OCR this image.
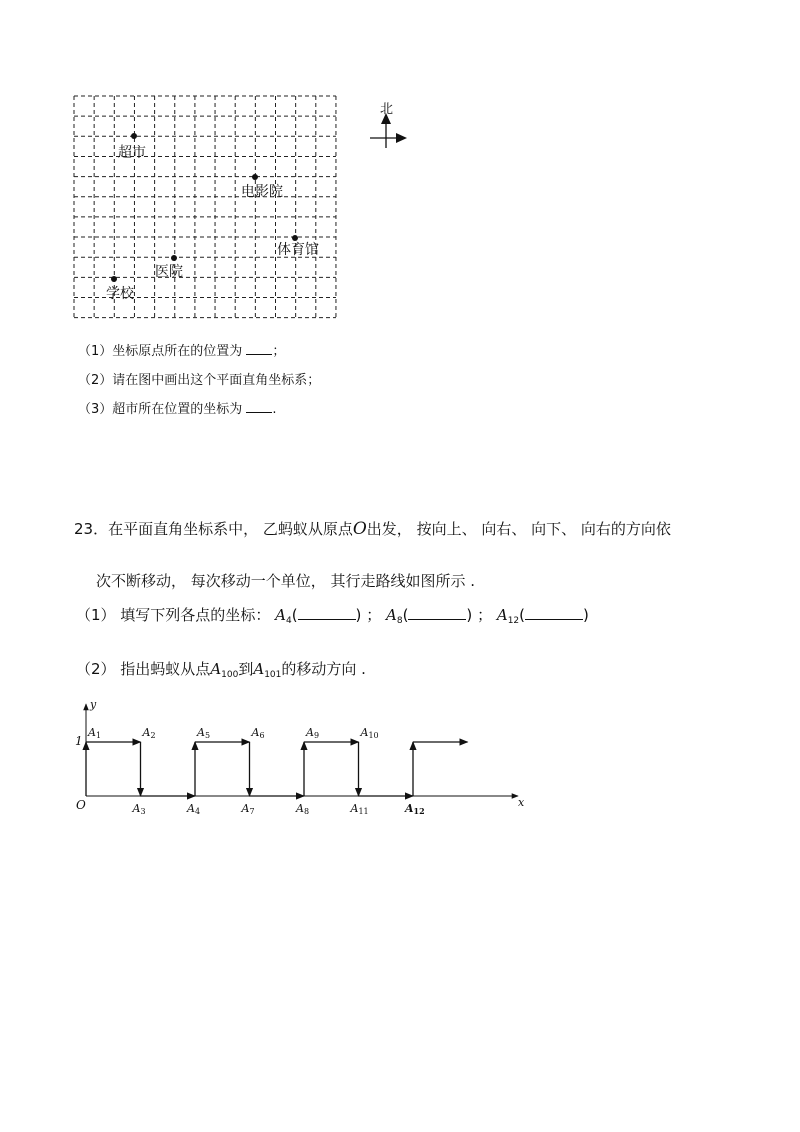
北
超市
电影院
体育馆
医院
学校
（1）坐标原点所在的位置为 ；
（2）请在图中画出这个平面直角坐标系；
（3）超市所在位置的坐标为 .
23．在平面直角坐标系中， 乙蚂蚁从原点O出发， 按向上、 向右、 向下、 向右的方向依
次不断移动， 每次移动一个单位， 其行走路线如图所示 .
（1） 填写下列各点的坐标： $A_4$(	) ； $A_8$(	) ； $A_{12}$(	)
（2） 指出蚂蚁从点$A_{100}$到$A_{101}$的移动方向 .
y
x
O
1
A1	A2
A3	A4
A5	A6
A7	A8
A9	A10
A11	A12
